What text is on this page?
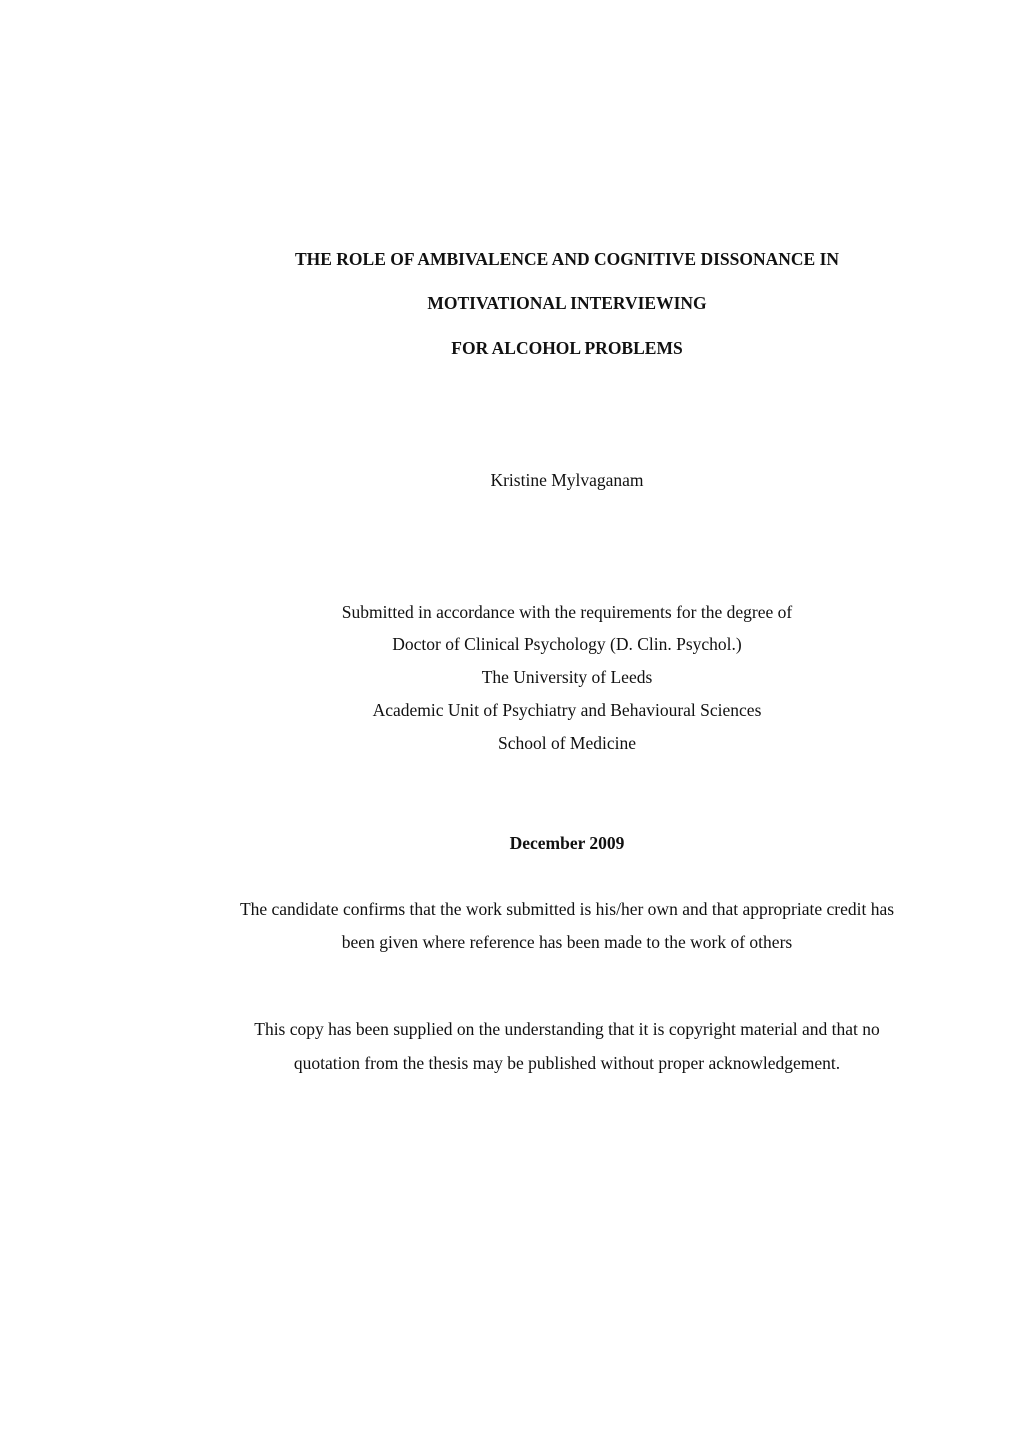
THE ROLE OF AMBIVALENCE AND COGNITIVE DISSONANCE IN
MOTIVATIONAL INTERVIEWING
FOR ALCOHOL PROBLEMS
Kristine Mylvaganam
Submitted in accordance with the requirements for the degree of
Doctor of Clinical Psychology (D. Clin. Psychol.)
The University of Leeds
Academic Unit of Psychiatry and Behavioural Sciences
School of Medicine
December 2009
The candidate confirms that the work submitted is his/her own and that appropriate credit has
been given where reference has been made to the work of others
This copy has been supplied on the understanding that it is copyright material and that no
quotation from the thesis may be published without proper acknowledgement.
